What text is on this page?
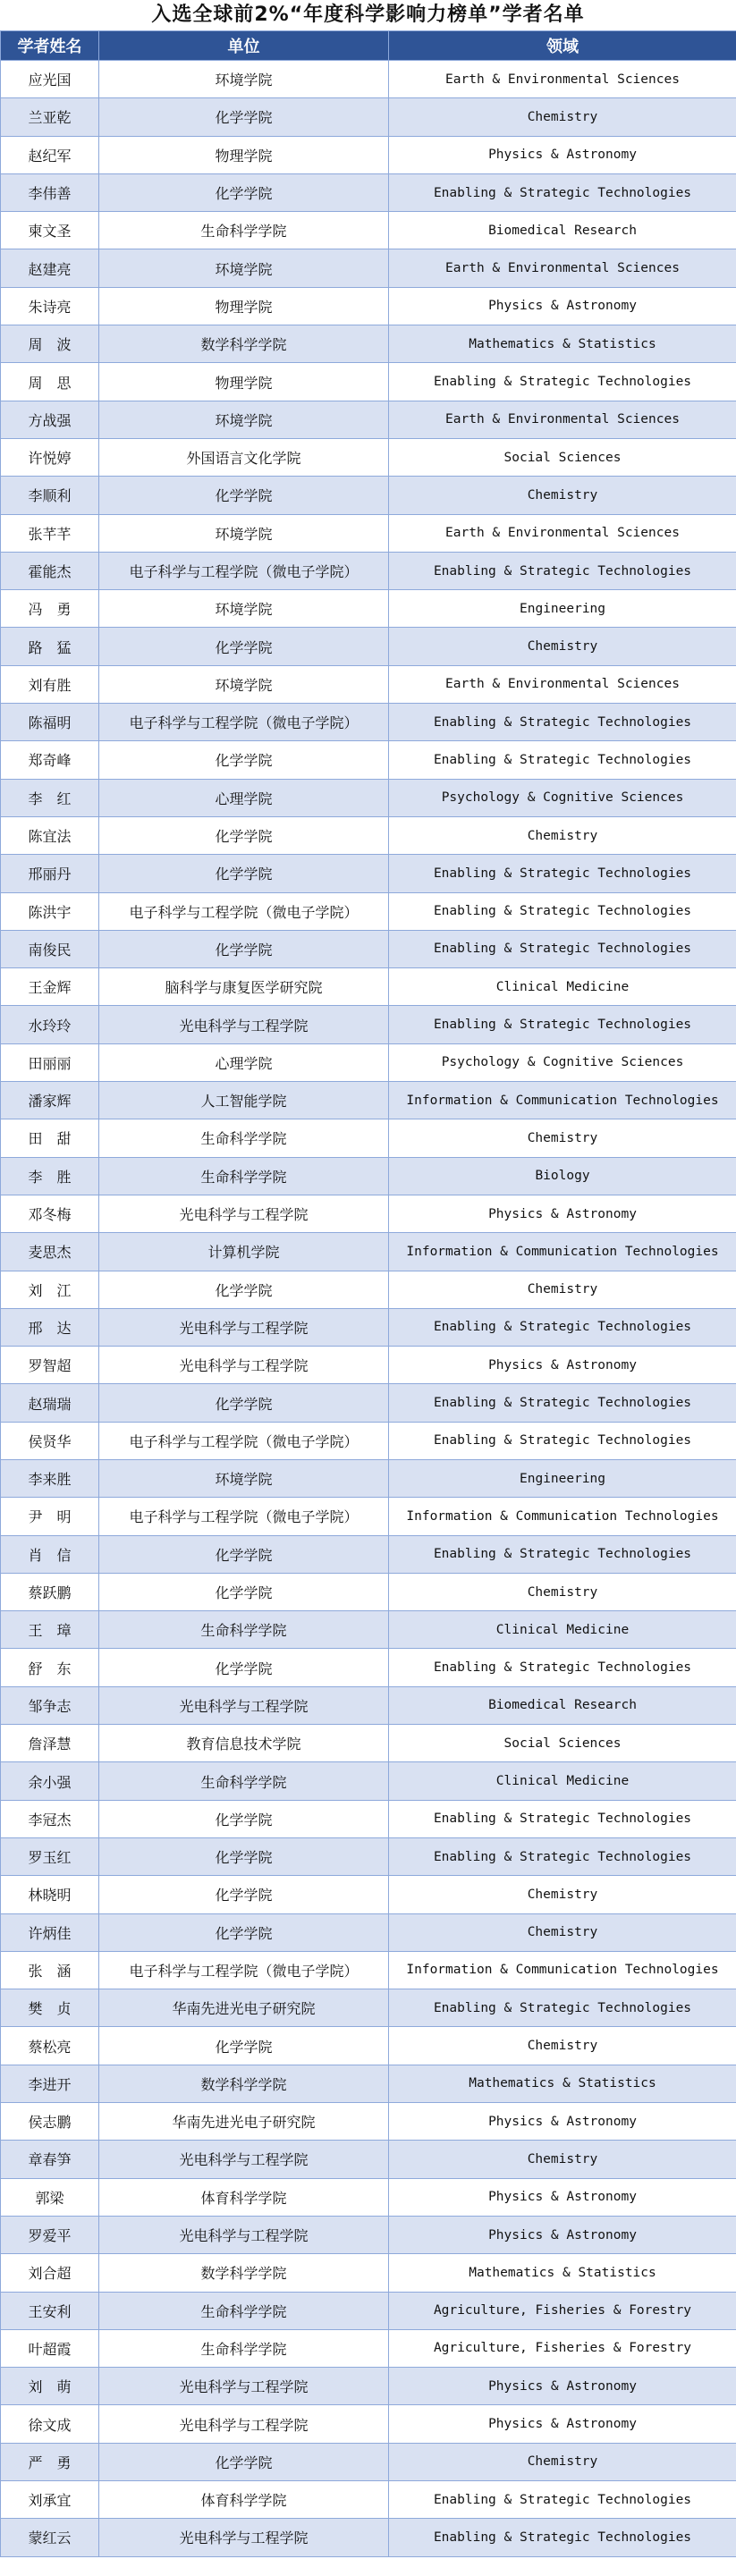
入选全球前2%“年度科学影响力榜单”学者名单
学者姓名	单位	领域
应光国	环境学院	Earth & Environmental Sciences
兰亚乾	化学学院	Chemistry
赵纪军	物理学院	Physics & Astronomy
李伟善	化学学院	Enabling & Strategic Technologies
柬文圣	生命科学学院	Biomedical Research
赵建亮	环境学院	Earth & Environmental Sciences
朱诗亮	物理学院	Physics & Astronomy
周　波	数学科学学院	Mathematics & Statistics
周　思	物理学院	Enabling & Strategic Technologies
方战强	环境学院	Earth & Environmental Sciences
许悦婷	外国语言文化学院	Social Sciences
李顺利	化学学院	Chemistry
张芊芊	环境学院	Earth & Environmental Sciences
霍能杰	电子科学与工程学院（微电子学院）	Enabling & Strategic Technologies
冯　勇	环境学院	Engineering
路　猛	化学学院	Chemistry
刘有胜	环境学院	Earth & Environmental Sciences
陈福明	电子科学与工程学院（微电子学院）	Enabling & Strategic Technologies
郑奇峰	化学学院	Enabling & Strategic Technologies
李　红	心理学院	Psychology & Cognitive Sciences
陈宜法	化学学院	Chemistry
邢丽丹	化学学院	Enabling & Strategic Technologies
陈洪宇	电子科学与工程学院（微电子学院）	Enabling & Strategic Technologies
南俊民	化学学院	Enabling & Strategic Technologies
王金辉	脑科学与康复医学研究院	Clinical Medicine
水玲玲	光电科学与工程学院	Enabling & Strategic Technologies
田丽丽	心理学院	Psychology & Cognitive Sciences
潘家辉	人工智能学院	Information & Communication Technologies
田　甜	生命科学学院	Chemistry
李　胜	生命科学学院	Biology
邓冬梅	光电科学与工程学院	Physics & Astronomy
麦思杰	计算机学院	Information & Communication Technologies
刘　江	化学学院	Chemistry
邢　达	光电科学与工程学院	Enabling & Strategic Technologies
罗智超	光电科学与工程学院	Physics & Astronomy
赵瑞瑞	化学学院	Enabling & Strategic Technologies
侯贤华	电子科学与工程学院（微电子学院）	Enabling & Strategic Technologies
李来胜	环境学院	Engineering
尹　明	电子科学与工程学院（微电子学院）	Information & Communication Technologies
肖　信	化学学院	Enabling & Strategic Technologies
蔡跃鹏	化学学院	Chemistry
王　璋	生命科学学院	Clinical Medicine
舒　东	化学学院	Enabling & Strategic Technologies
邹争志	光电科学与工程学院	Biomedical Research
詹泽慧	教育信息技术学院	Social Sciences
余小强	生命科学学院	Clinical Medicine
李冠杰	化学学院	Enabling & Strategic Technologies
罗玉红	化学学院	Enabling & Strategic Technologies
林晓明	化学学院	Chemistry
许炳佳	化学学院	Chemistry
张　涵	电子科学与工程学院（微电子学院）	Information & Communication Technologies
樊　贞	华南先进光电子研究院	Enabling & Strategic Technologies
蔡松亮	化学学院	Chemistry
李进开	数学科学学院	Mathematics & Statistics
侯志鹏	华南先进光电子研究院	Physics & Astronomy
章春笋	光电科学与工程学院	Chemistry
郭梁	体育科学学院	Physics & Astronomy
罗爱平	光电科学与工程学院	Physics & Astronomy
刘合超	数学科学学院	Mathematics & Statistics
王安利	生命科学学院	Agriculture, Fisheries & Forestry
叶超霞	生命科学学院	Agriculture, Fisheries & Forestry
刘　萌	光电科学与工程学院	Physics & Astronomy
徐文成	光电科学与工程学院	Physics & Astronomy
严　勇	化学学院	Chemistry
刘承宜	体育科学学院	Enabling & Strategic Technologies
蒙红云	光电科学与工程学院	Enabling & Strategic Technologies
